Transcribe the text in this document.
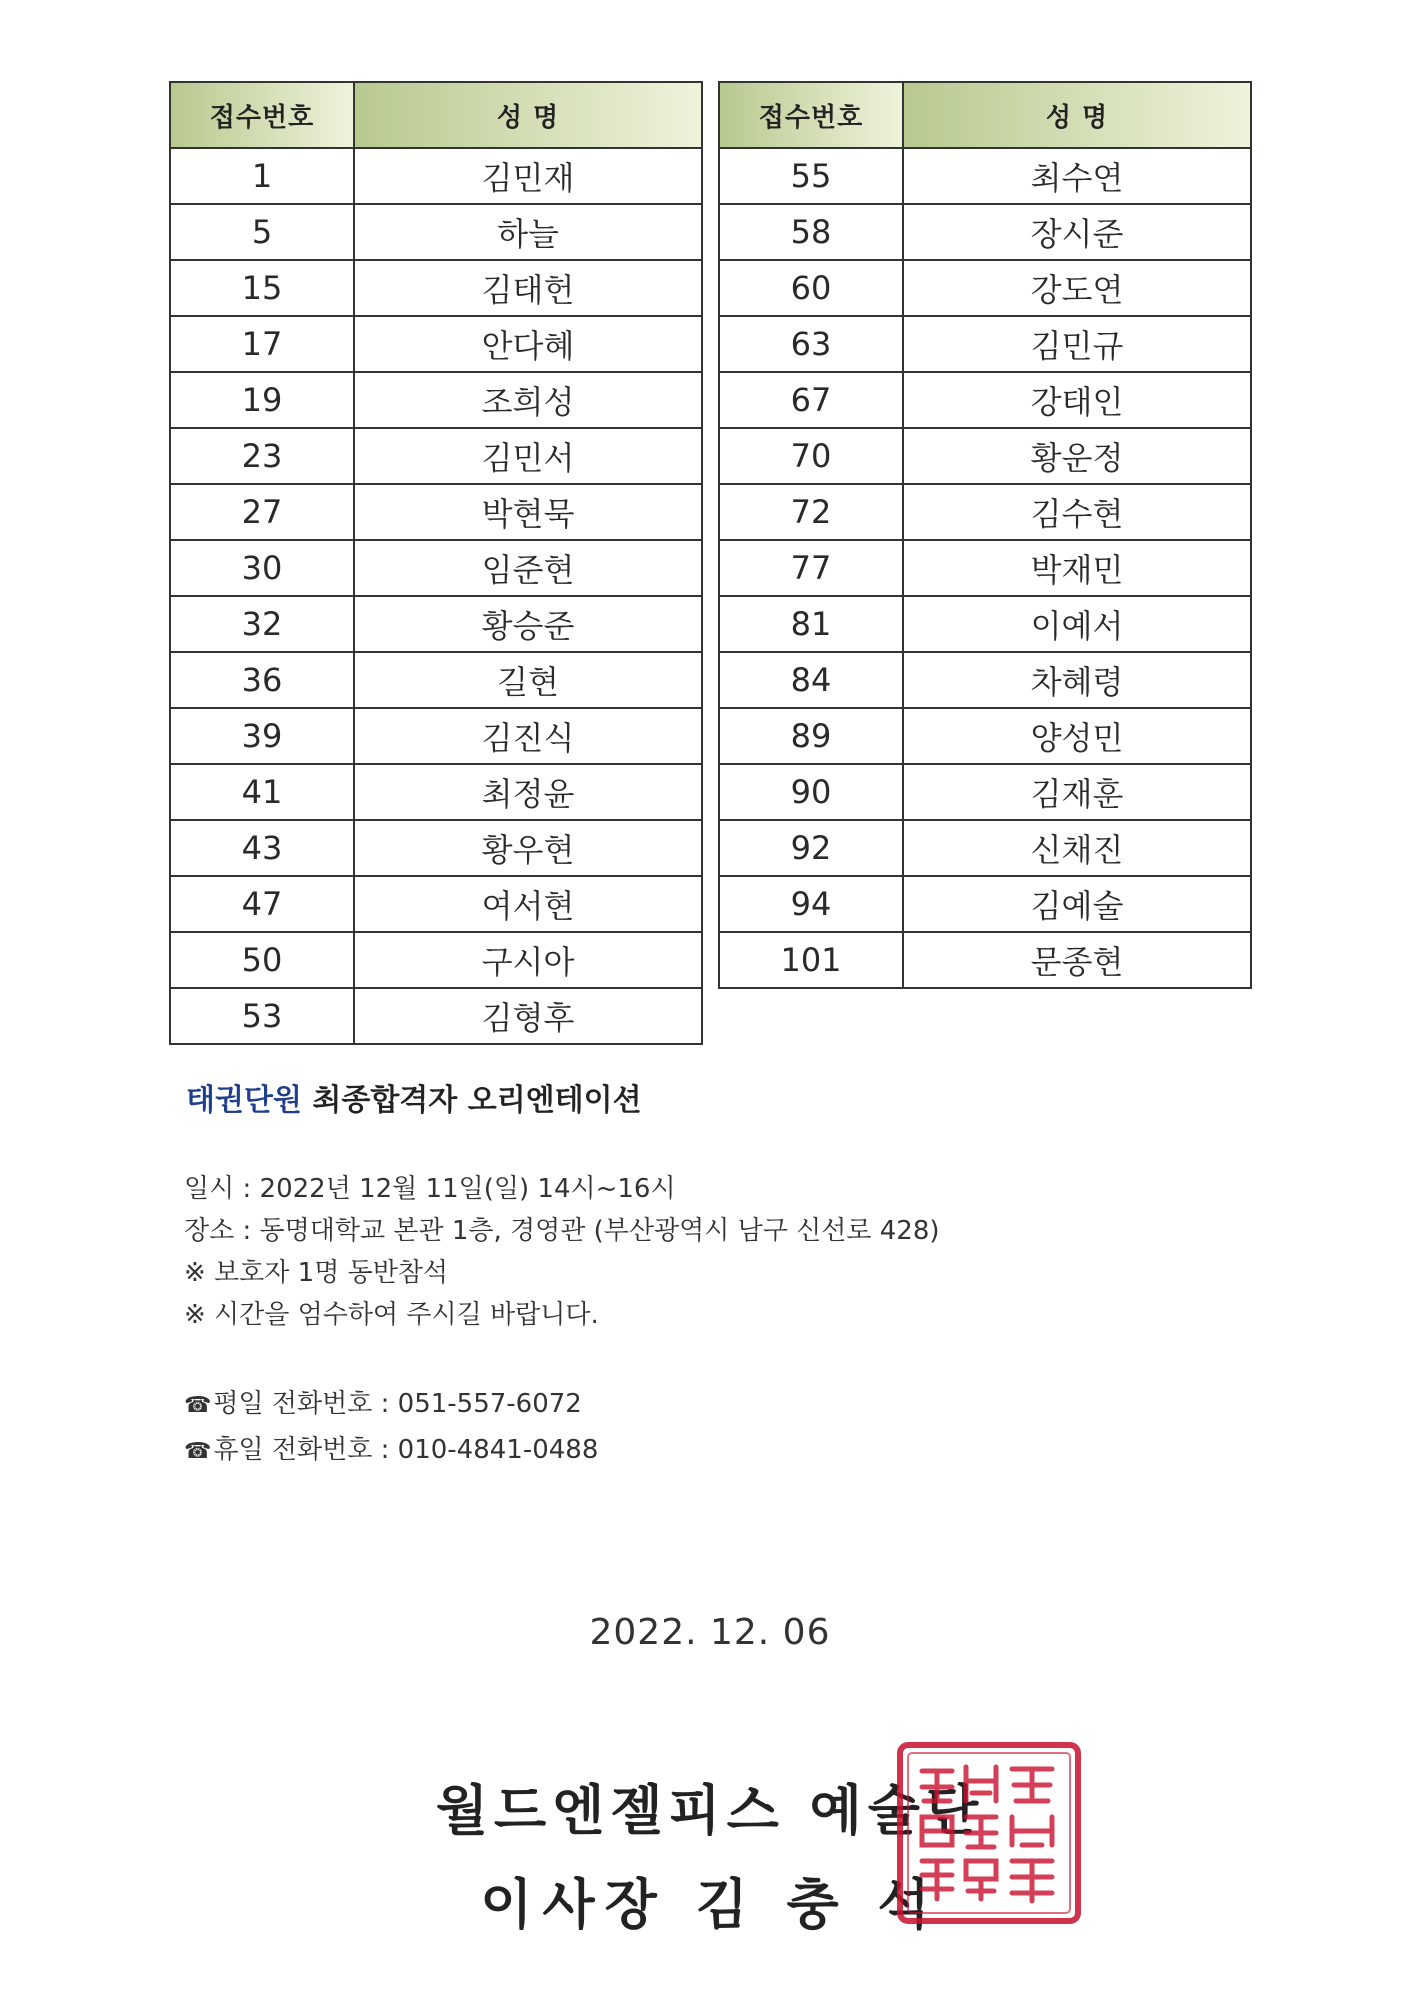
접수번호	성 명
1	김민재
5	하늘
15	김태헌
17	안다혜
19	조희성
23	김민서
27	박현묵
30	임준현
32	황승준
36	길현
39	김진식
41	최정윤
43	황우현
47	여서현
50	구시아
53	김형후
접수번호	성 명
55	최수연
58	장시준
60	강도연
63	김민규
67	강태인
70	황운정
72	김수현
77	박재민
81	이예서
84	차혜령
89	양성민
90	김재훈
92	신채진
94	김예술
101	문종현
태권단원 최종합격자 오리엔테이션

일시 : 2022년 12월 11일(일) 14시~16시

장소 : 동명대학교 본관 1층, 경영관 (부산광역시 남구 신선로 428)

※ 보호자 1명 동반참석

※ 시간을 엄수하여 주시길 바랍니다.

☎평일 전화번호 : 051-557-6072

☎휴일 전화번호 : 010-4841-0488

2022. 12. 06
월드엔젤피스 예술단
이사장 김 충 석
